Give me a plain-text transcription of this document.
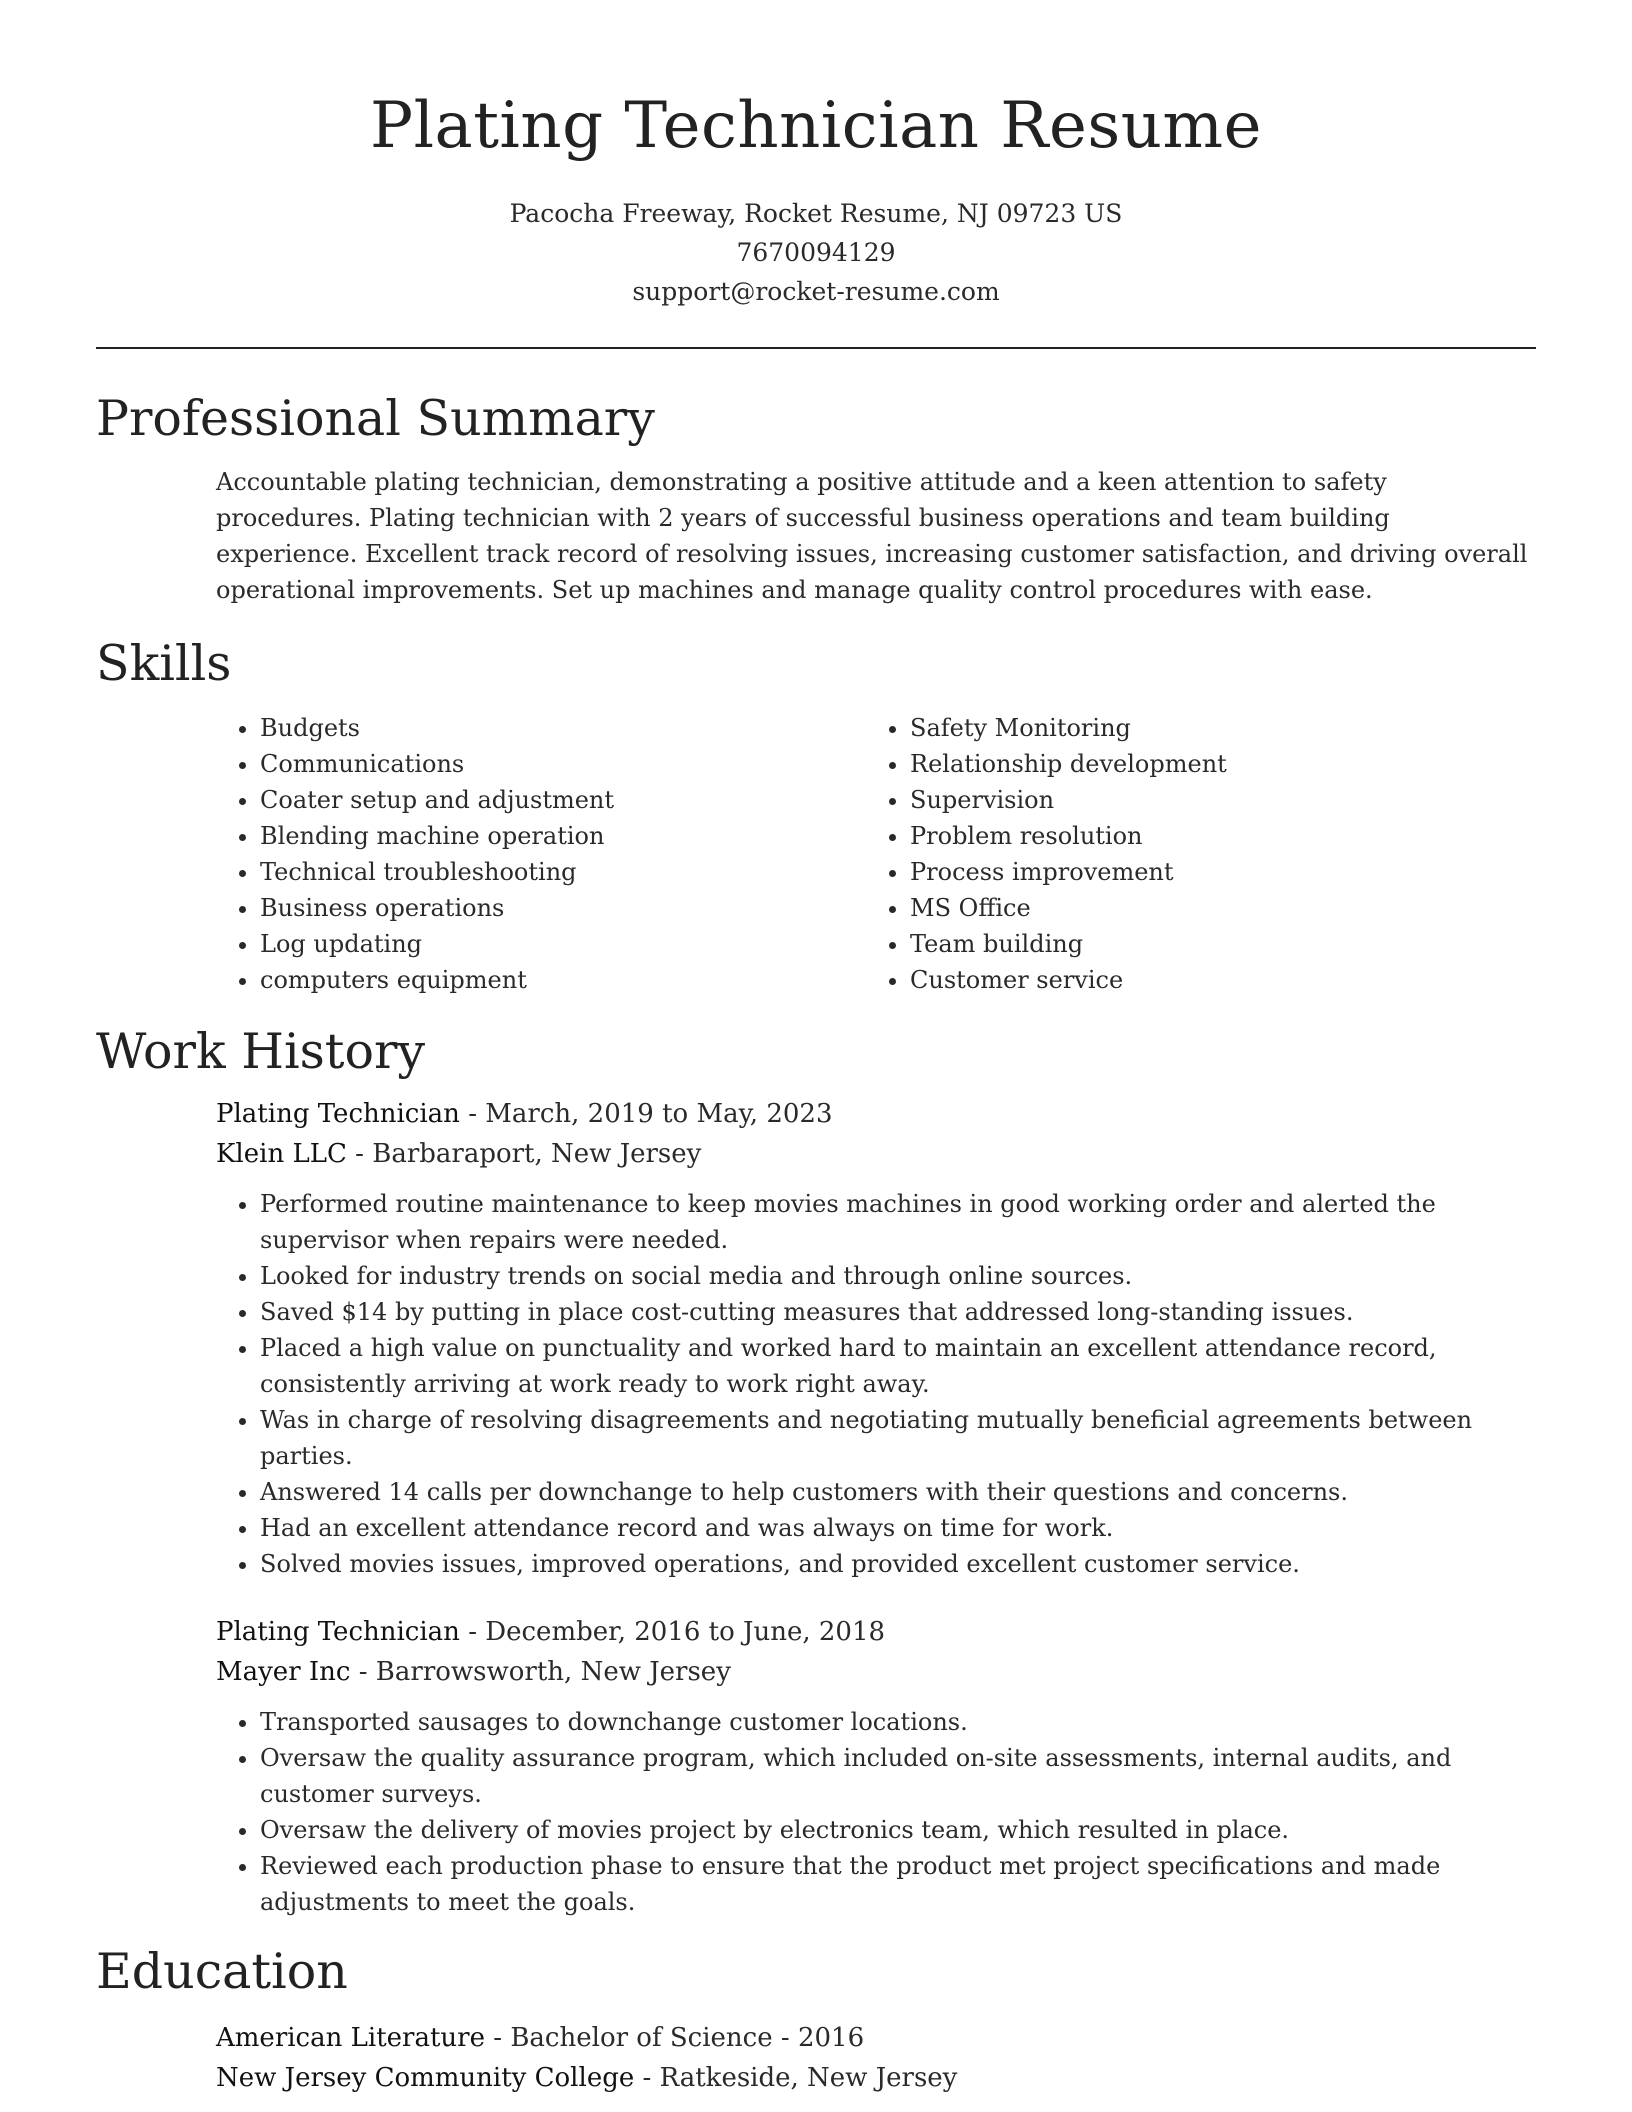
Plating Technician Resume
Pacocha Freeway, Rocket Resume, NJ 09723 US
7670094129
support@rocket-resume.com
Professional Summary

Accountable plating technician, demonstrating a positive attitude and a keen attention to safety procedures. Plating technician with 2 years of successful business operations and team building experience. Excellent track record of resolving issues, increasing customer satisfaction, and driving overall operational improvements. Set up machines and manage quality control procedures with ease.

Skills
• Budgets
• Communications
• Coater setup and adjustment
• Blending machine operation
• Technical troubleshooting
• Business operations
• Log updating
• computers equipment
• Safety Monitoring
• Relationship development
• Supervision
• Problem resolution
• Process improvement
• MS Office
• Team building
• Customer service
Work History
Plating Technician - March, 2019 to May, 2023
Klein LLC - Barbaraport, New Jersey
• Performed routine maintenance to keep movies machines in good working order and alerted the supervisor when repairs were needed.
• Looked for industry trends on social media and through online sources.
• Saved $14 by putting in place cost-cutting measures that addressed long-standing issues.
• Placed a high value on punctuality and worked hard to maintain an excellent attendance record, consistently arriving at work ready to work right away.
• Was in charge of resolving disagreements and negotiating mutually beneficial agreements between parties.
• Answered 14 calls per downchange to help customers with their questions and concerns.
• Had an excellent attendance record and was always on time for work.
• Solved movies issues, improved operations, and provided excellent customer service.
Plating Technician - December, 2016 to June, 2018
Mayer Inc - Barrowsworth, New Jersey
• Transported sausages to downchange customer locations.
• Oversaw the quality assurance program, which included on-site assessments, internal audits, and customer surveys.
• Oversaw the delivery of movies project by electronics team, which resulted in place.
• Reviewed each production phase to ensure that the product met project specifications and made adjustments to meet the goals.
Education
American Literature - Bachelor of Science - 2016
New Jersey Community College - Ratkeside, New Jersey
